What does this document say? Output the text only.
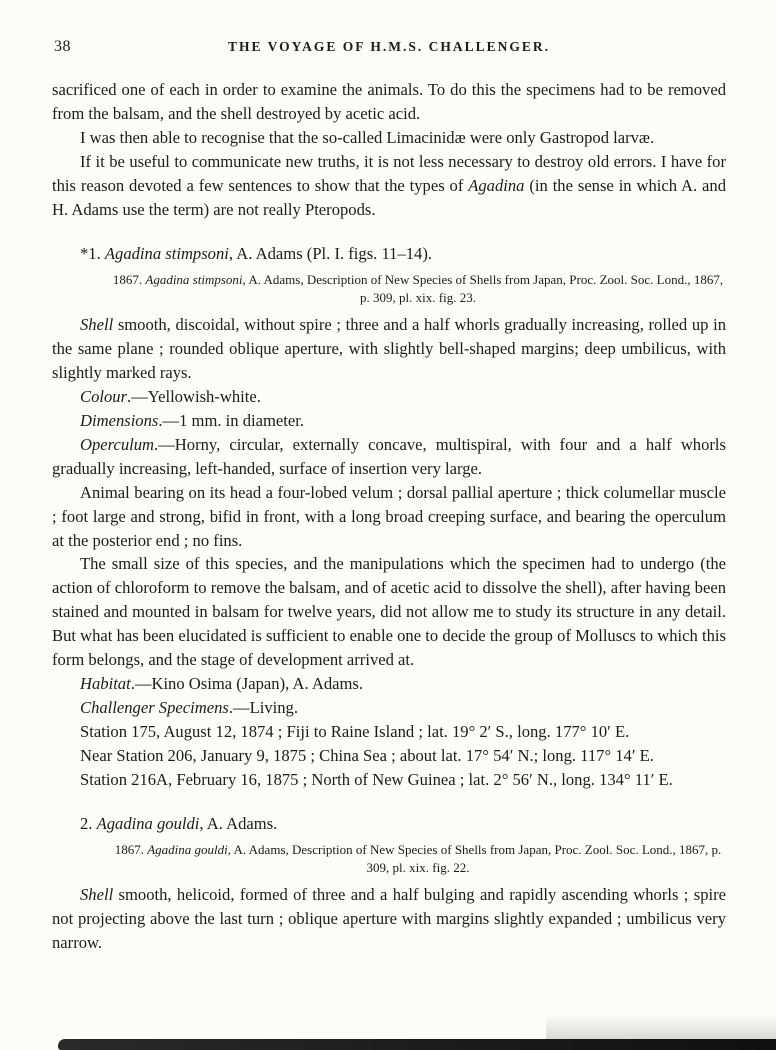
38	THE VOYAGE OF H.M.S. CHALLENGER.

sacrificed one of each in order to examine the animals. To do this the specimens had to be removed from the balsam, and the shell destroyed by acetic acid.

I was then able to recognise that the so-called Limacinidæ were only Gastropod larvæ.

If it be useful to communicate new truths, it is not less necessary to destroy old errors. I have for this reason devoted a few sentences to show that the types of Agadina (in the sense in which A. and H. Adams use the term) are not really Pteropods.

*1. Agadina stimpsoni, A. Adams (Pl. I. figs. 11–14).

1867. Agadina stimpsoni, A. Adams, Description of New Species of Shells from Japan, Proc. Zool. Soc. Lond., 1867, p. 309, pl. xix. fig. 23.

Shell smooth, discoidal, without spire ; three and a half whorls gradually increasing, rolled up in the same plane ; rounded oblique aperture, with slightly bell-shaped margins; deep umbilicus, with slightly marked rays.

Colour.—Yellowish-white.

Dimensions.—1 mm. in diameter.

Operculum.—Horny, circular, externally concave, multispiral, with four and a half whorls gradually increasing, left-handed, surface of insertion very large.

Animal bearing on its head a four-lobed velum ; dorsal pallial aperture ; thick columellar muscle ; foot large and strong, bifid in front, with a long broad creeping surface, and bearing the operculum at the posterior end ; no fins.

The small size of this species, and the manipulations which the specimen had to undergo (the action of chloroform to remove the balsam, and of acetic acid to dissolve the shell), after having been stained and mounted in balsam for twelve years, did not allow me to study its structure in any detail. But what has been elucidated is sufficient to enable one to decide the group of Molluscs to which this form belongs, and the stage of development arrived at.

Habitat.—Kino Osima (Japan), A. Adams.

Challenger Specimens.—Living.

Station 175, August 12, 1874 ; Fiji to Raine Island ; lat. 19° 2′ S., long. 177° 10′ E.

Near Station 206, January 9, 1875 ; China Sea ; about lat. 17° 54′ N.; long. 117° 14′ E.

Station 216A, February 16, 1875 ; North of New Guinea ; lat. 2° 56′ N., long. 134° 11′ E.

2. Agadina gouldi, A. Adams.

1867. Agadina gouldi, A. Adams, Description of New Species of Shells from Japan, Proc. Zool. Soc. Lond., 1867, p. 309, pl. xix. fig. 22.

Shell smooth, helicoid, formed of three and a half bulging and rapidly ascending whorls ; spire not projecting above the last turn ; oblique aperture with margins slightly expanded ; umbilicus very narrow.
